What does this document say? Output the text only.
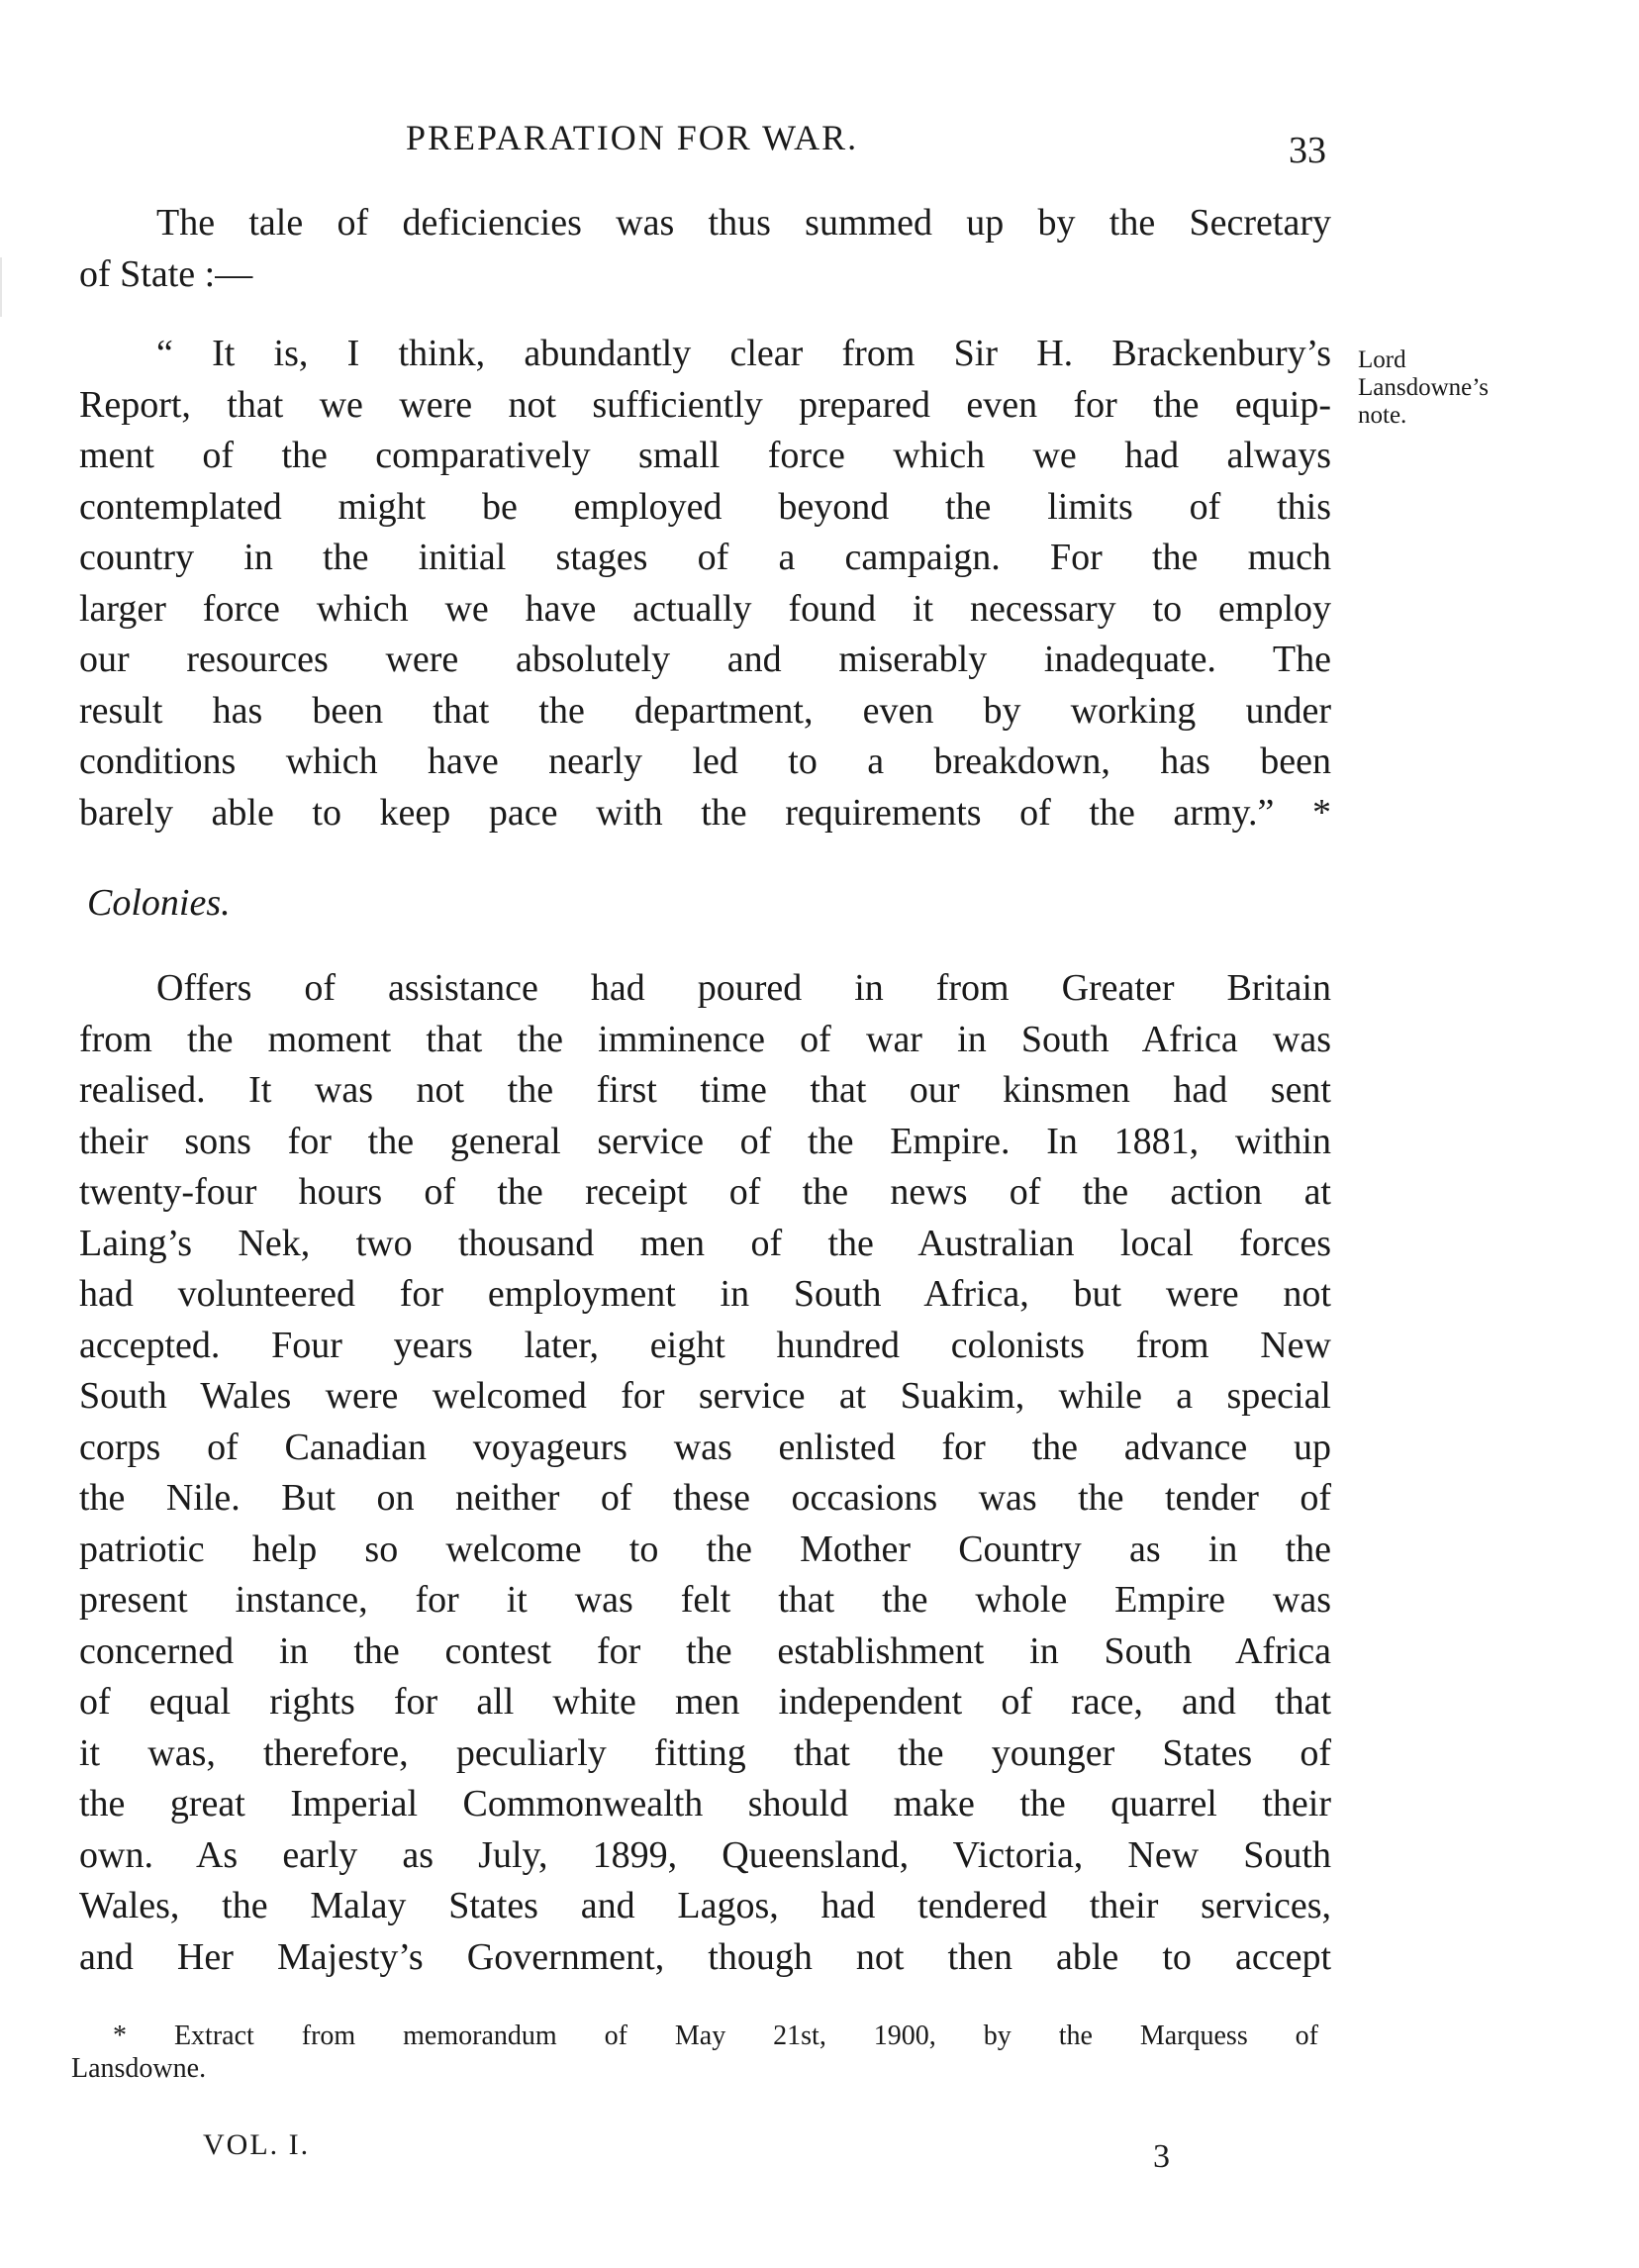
PREPARATION FOR WAR.	33
The tale of deficiencies was thus summed up by the Secretary
of State :—
“ It is, I think, abundantly clear from Sir H. Brackenbury’s
Report, that we were not sufficiently prepared even for the equip-
ment of the comparatively small force which we had always
contemplated might be employed beyond the limits of this
country in the initial stages of a campaign. For the much
larger force which we have actually found it necessary to employ
our resources were absolutely and miserably inadequate. The
result has been that the department, even by working under
conditions which have nearly led to a breakdown, has been
barely able to keep pace with the requirements of the army.” *
Lord
Lansdowne’s
note.
Colonies.
Offers of assistance had poured in from Greater Britain
from the moment that the imminence of war in South Africa was
realised. It was not the first time that our kinsmen had sent
their sons for the general service of the Empire. In 1881, within
twenty-four hours of the receipt of the news of the action at
Laing’s Nek, two thousand men of the Australian local forces
had volunteered for employment in South Africa, but were not
accepted. Four years later, eight hundred colonists from New
South Wales were welcomed for service at Suakim, while a special
corps of Canadian voyageurs was enlisted for the advance up
the Nile. But on neither of these occasions was the tender of
patriotic help so welcome to the Mother Country as in the
present instance, for it was felt that the whole Empire was
concerned in the contest for the establishment in South Africa
of equal rights for all white men independent of race, and that
it was, therefore, peculiarly fitting that the younger States of
the great Imperial Commonwealth should make the quarrel their
own. As early as July, 1899, Queensland, Victoria, New South
Wales, the Malay States and Lagos, had tendered their services,
and Her Majesty’s Government, though not then able to accept
* Extract from memorandum of May 21st, 1900, by the Marquess of
Lansdowne.
VOL. I.	3
